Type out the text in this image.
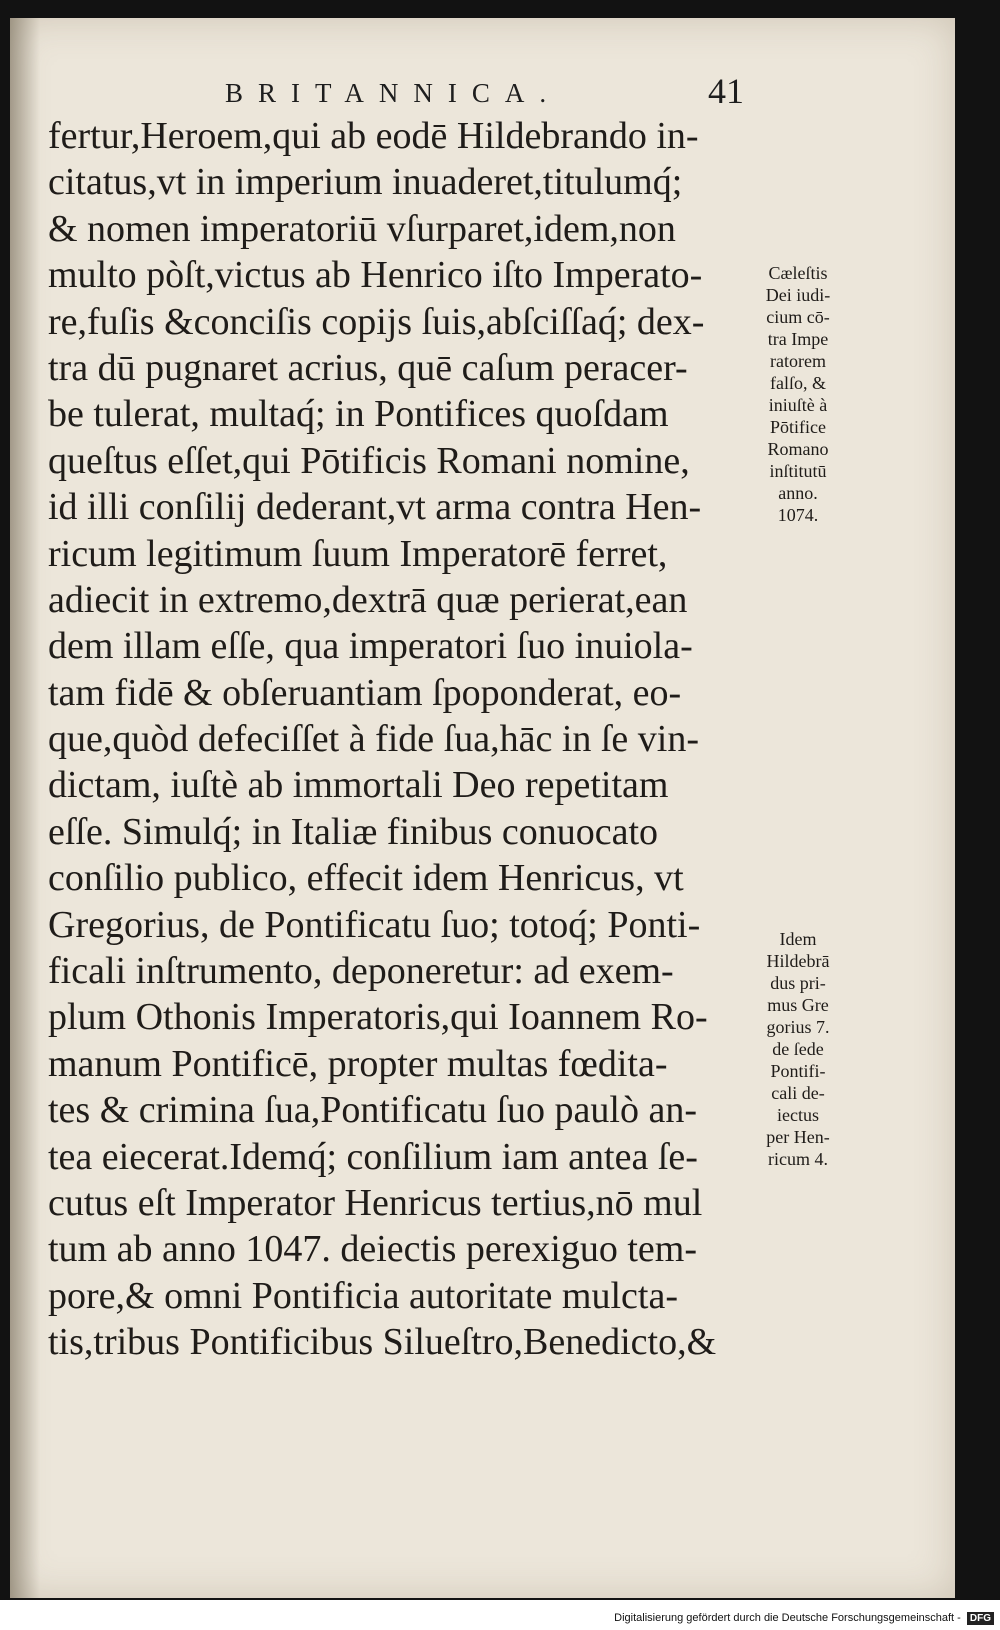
BRITANNICA.	41
fertur,Heroem,qui ab eodē Hildebrando in-
citatus,vt in imperium inuaderet,titulumq́;
& nomen imperatoriū vſurparet,idem,non
multo pòſt,victus ab Henrico iſto Imperato-
re,fuſis &conciſis copijs ſuis,abſciſſaq́; dex-
tra dū pugnaret acrius, quē caſum peracer-
be tulerat, multaq́; in Pontifices quoſdam
queſtus eſſet,qui Pōtificis Romani nomine,
id illi conſilij dederant,vt arma contra Hen-
ricum legitimum ſuum Imperatorē ferret,
adiecit in extremo,dextrā quæ perierat,ean
dem illam eſſe, qua imperatori ſuo inuiola-
tam fidē & obſeruantiam ſpoponderat, eo-
que,quòd defeciſſet à fide ſua,hāc in ſe vin-
dictam, iuſtè ab immortali Deo repetitam
eſſe. Simulq́; in Italiæ finibus conuocato
conſilio publico, effecit idem Henricus, vt
Gregorius, de Pontificatu ſuo; totoq́; Ponti-
ficali inſtrumento, deponeretur: ad exem-
plum Othonis Imperatoris,qui Ioannem Ro-
manum Pontificē, propter multas fœdita-
tes & crimina ſua,Pontificatu ſuo paulò an-
tea eiecerat.Idemq́; conſilium iam antea ſe-
cutus eſt Imperator Henricus tertius,nō mul
tum ab anno 1047. deiectis perexiguo tem-
pore,& omni Pontificia autoritate mulctа-
tis,tribus Pontificibus Silueſtro,Benedicto,&
Cæleſtis
Dei iudi-
cium cō-
tra Impe
ratorem
falſo, &
iniuſtè à
Pōtifice
Romano
inſtitutū
anno.
1074.
Idem
Hildebrā
dus pri-
mus Gre
gorius 7.
de ſede
Pontifi-
cali de-
iectus
per Hen-
ricum 4.
Digitalisierung gefördert durch die Deutsche Forschungsgemeinschaft - DFG
